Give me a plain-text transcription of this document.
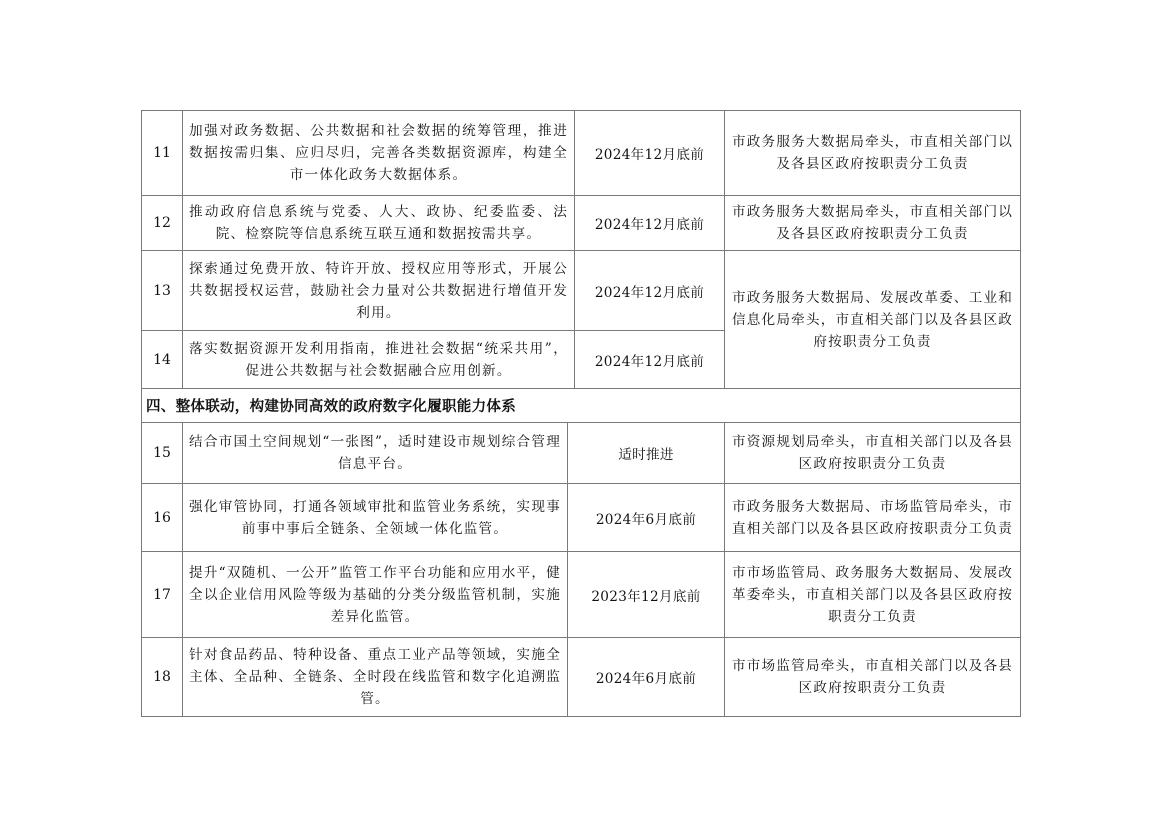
11
加强对政务数据、公共数据和社会数据的统筹管理，推进数据按需归集、应归尽归，完善各类数据资源库，构建全市一体化政务大数据体系。
2024年12月底前
市政务服务大数据局牵头，市直相关部门以及各县区政府按职责分工负责
12
推动政府信息系统与党委、人大、政协、纪委监委、法院、检察院等信息系统互联互通和数据按需共享。
2024年12月底前
市政务服务大数据局牵头，市直相关部门以及各县区政府按职责分工负责
13
探索通过免费开放、特许开放、授权应用等形式，开展公共数据授权运营，鼓励社会力量对公共数据进行增值开发利用。
2024年12月底前	市政务服务大数据局、发展改革委、工业和信息化局牵头，市直相关部门以及各县区政府按职责分工负责
14
落实数据资源开发利用指南，推进社会数据“统采共用”，促进公共数据与社会数据融合应用创新。
2024年12月底前
四、整体联动，构建协同高效的政府数字化履职能力体系
15
结合市国土空间规划“一张图”，适时建设市规划综合管理信息平台。
适时推进
市资源规划局牵头，市直相关部门以及各县区政府按职责分工负责
16
强化审管协同，打通各领域审批和监管业务系统，实现事前事中事后全链条、全领域一体化监管。
2024年6月底前
市政务服务大数据局、市场监管局牵头，市直相关部门以及各县区政府按职责分工负责
17
提升“双随机、一公开”监管工作平台功能和应用水平，健全以企业信用风险等级为基础的分类分级监管机制，实施差异化监管。
2023年12月底前
市市场监管局、政务服务大数据局、发展改革委牵头，市直相关部门以及各县区政府按职责分工负责
18
针对食品药品、特种设备、重点工业产品等领域，实施全主体、全品种、全链条、全时段在线监管和数字化追溯监管。
2024年6月底前
市市场监管局牵头，市直相关部门以及各县区政府按职责分工负责
